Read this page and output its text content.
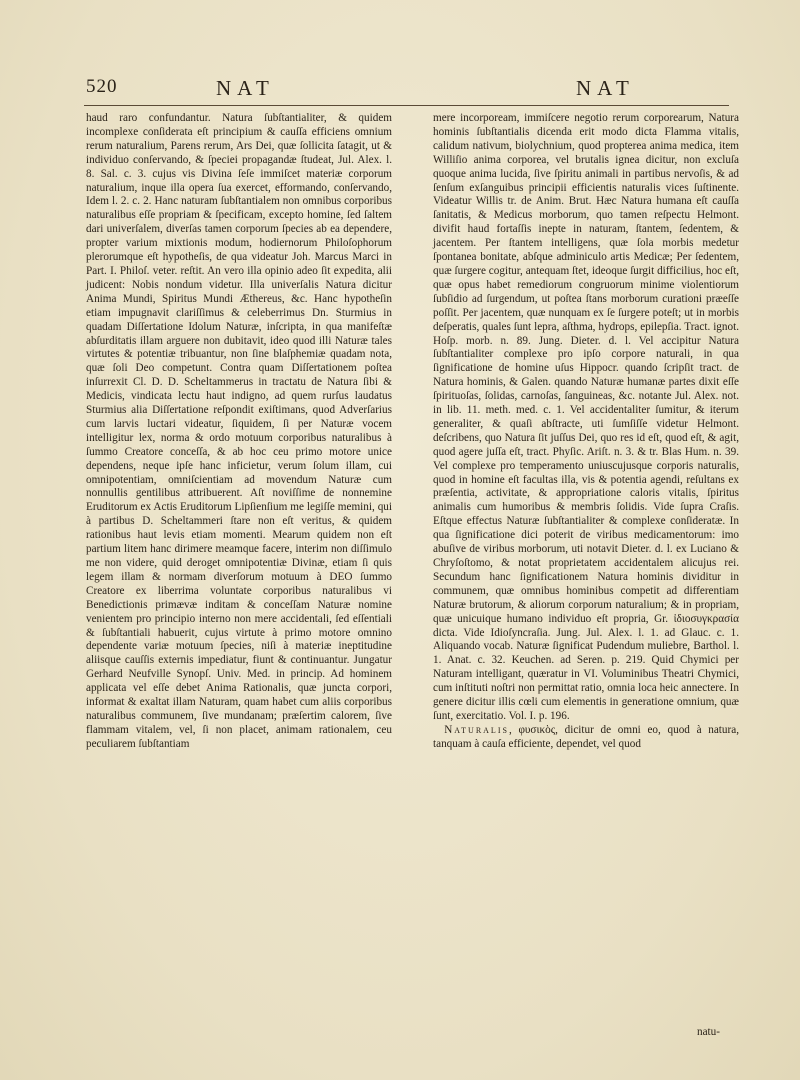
520	NAT	NAT

haud raro confundantur. Natura ſubſtantialiter, & quidem incomplexe conſiderata eſt principium & cauſſa efficiens omnium rerum naturalium, Parens rerum, Ars Dei, quæ ſollicita ſatagit, ut & individuo conſervando, & ſpeciei propagandæ ſtudeat, Jul. Alex. l. 8. Sal. c. 3. cujus vis Divina ſeſe immiſcet materiæ corporum naturalium, inque illa opera ſua exercet, efformando, conſervando, Idem l. 2. c. 2. Hanc naturam ſubſtantialem non omnibus corporibus naturalibus eſſe propriam & ſpecificam, excepto homine, ſed ſaltem dari univerſalem, diverſas tamen corporum ſpecies ab ea dependere, propter varium mixtionis modum, hodiernorum Philoſophorum plerorumque eſt hypotheſis, de qua videatur Joh. Marcus Marci in Part. I. Philoſ. veter. reſtit. An vero illa opinio adeo ſit expedita, alii judicent: Nobis nondum videtur. Illa univerſalis Natura dicitur Anima Mundi, Spiritus Mundi Æthereus, &c. Hanc hypotheſin etiam impugnavit clariſſimus & celeberrimus Dn. Sturmius in quadam Diſſertatione Idolum Naturæ, inſcripta, in qua manifeſtæ abſurditatis illam arguere non dubitavit, ideo quod illi Naturæ tales virtutes & potentiæ tribuantur, non ſine blaſphemiæ quadam nota, quæ ſoli Deo competunt. Contra quam Diſſertationem poſtea inſurrexit Cl. D. D. Scheltammerus in tractatu de Natura ſibi & Medicis, vindicata lectu haut indigno, ad quem rurſus laudatus Sturmius alia Diſſertatione reſpondit exiſtimans, quod Adverſarius cum larvis luctari videatur, ſiquidem, ſi per Naturæ vocem intelligitur lex, norma & ordo motuum corporibus naturalibus à ſummo Creatore conceſſa, & ab hoc ceu primo motore unice dependens, neque ipſe hanc inficietur, verum ſolum illam, cui omnipotentiam, omniſcientiam ad movendum Naturæ cum nonnullis gentilibus attribuerent. Aſt noviſſime de nonnemine Eruditorum ex Actis Eruditorum Lipſienſium me legiſſe memini, qui à partibus D. Scheltammeri ſtare non eſt veritus, & quidem rationibus haut levis etiam momenti. Mearum quidem non eſt partium litem hanc dirimere meamque facere, interim non diſſimulo me non videre, quid deroget omnipotentiæ Divinæ, etiam ſi quis legem illam & normam diverſorum motuum à DEO ſummo Creatore ex liberrima voluntate corporibus naturalibus vi Benedictionis primævæ inditam & conceſſam Naturæ nomine venientem pro principio interno non mere accidentali, ſed eſſentiali & ſubſtantiali habuerit, cujus virtute à primo motore omnino dependente variæ motuum ſpecies, niſi à materiæ ineptitudine aliisque cauſſis externis impediatur, fiunt & continuantur. Jungatur Gerhard Neufville Synopſ. Univ. Med. in princip. Ad hominem applicata vel eſſe debet Anima Rationalis, quæ juncta corpori, informat & exaltat illam Naturam, quam habet cum aliis corporibus naturalibus communem, ſive mundanam; præſertim calorem, ſive flammam vitalem, vel, ſi non placet, animam rationalem, ceu peculiarem ſubſtantiam

mere incorpoream, immiſcere negotio rerum corporearum, Natura hominis ſubſtantialis dicenda erit modo dicta Flamma vitalis, calidum nativum, biolychnium, quod propterea anima medica, item Williſio anima corporea, vel brutalis ignea dicitur, non excluſa quoque anima lucida, ſive ſpiritu animali in partibus nervoſis, & ad ſenſum exſanguibus principii efficientis naturalis vices ſuſtinente. Videatur Willis tr. de Anim. Brut. Hæc Natura humana eſt cauſſa ſanitatis, & Medicus morborum, quo tamen reſpectu Helmont. divifit haud fortaſſis inepte in naturam, ſtantem, ſedentem, & jacentem. Per ſtantem intelligens, quæ ſola morbis medetur ſpontanea bonitate, abſque adminiculo artis Medicæ; Per ſedentem, quæ ſurgere cogitur, antequam ſtet, ideoque ſurgit difficilius, hoc eſt, quæ opus habet remediorum congruorum minime violentiorum ſubſidio ad ſurgendum, ut poſtea ſtans morborum curationi præeſſe poſſit. Per jacentem, quæ nunquam ex ſe ſurgere poteſt; ut in morbis deſperatis, quales ſunt lepra, aſthma, hydrops, epilepſia. Tract. ignot. Hoſp. morb. n. 89. Jung. Dieter. d. l. Vel accipitur Natura ſubſtantialiter complexe pro ipſo corpore naturali, in qua ſignificatione de homine uſus Hippocr. quando ſcripſit tract. de Natura hominis, & Galen. quando Naturæ humanæ partes dixit eſſe ſpirituoſas, ſolidas, carnoſas, ſanguineas, &c. notante Jul. Alex. not. in lib. 11. meth. med. c. 1. Vel accidentaliter ſumitur, & iterum generaliter, & quaſi abſtracte, uti ſumſiſſe videtur Helmont. deſcribens, quo Natura ſit juſſus Dei, quo res id eſt, quod eſt, & agit, quod agere juſſa eſt, tract. Phyſic. Ariſt. n. 3. & tr. Blas Hum. n. 39. Vel complexe pro temperamento uniuscujusque corporis naturalis, quod in homine eſt facultas illa, vis & potentia agendi, reſultans ex præſentia, activitate, & appropriatione caloris vitalis, ſpiritus animalis cum humoribus & membris ſolidis. Vide ſupra Craſis. Eſtque effectus Naturæ ſubſtantialiter & complexe conſideratæ. In qua ſignificatione dici poterit de viribus medicamentorum: imo abuſive de viribus morborum, uti notavit Dieter. d. l. ex Luciano & Chryſoſtomo, & notat proprietatem accidentalem alicujus rei. Secundum hanc ſignificationem Natura hominis dividitur in communem, quæ omnibus hominibus competit ad differentiam Naturæ brutorum, & aliorum corporum naturalium; & in propriam, quæ unicuique humano individuo eſt propria, Gr. ἰδιοσυγκρασία dicta. Vide Idioſyncraſia. Jung. Jul. Alex. l. 1. ad Glauc. c. 1. Aliquando vocab. Naturæ ſignificat Pudendum muliebre, Barthol. l. 1. Anat. c. 32. Keuchen. ad Seren. p. 219. Quid Chymici per Naturam intelligant, quæratur in VI. Voluminibus Theatri Chymici, cum inſtituti noſtri non permittat ratio, omnia loca heic annectere. In genere dicitur illis cœli cum elementis in generatione omnium, quæ ſunt, exercitatio. Vol. I. p. 196.

 Naturalis, φυσικὸς, dicitur de omni eo, quod à natura, tanquam à cauſa efficiente, dependet, vel quod

natu-
